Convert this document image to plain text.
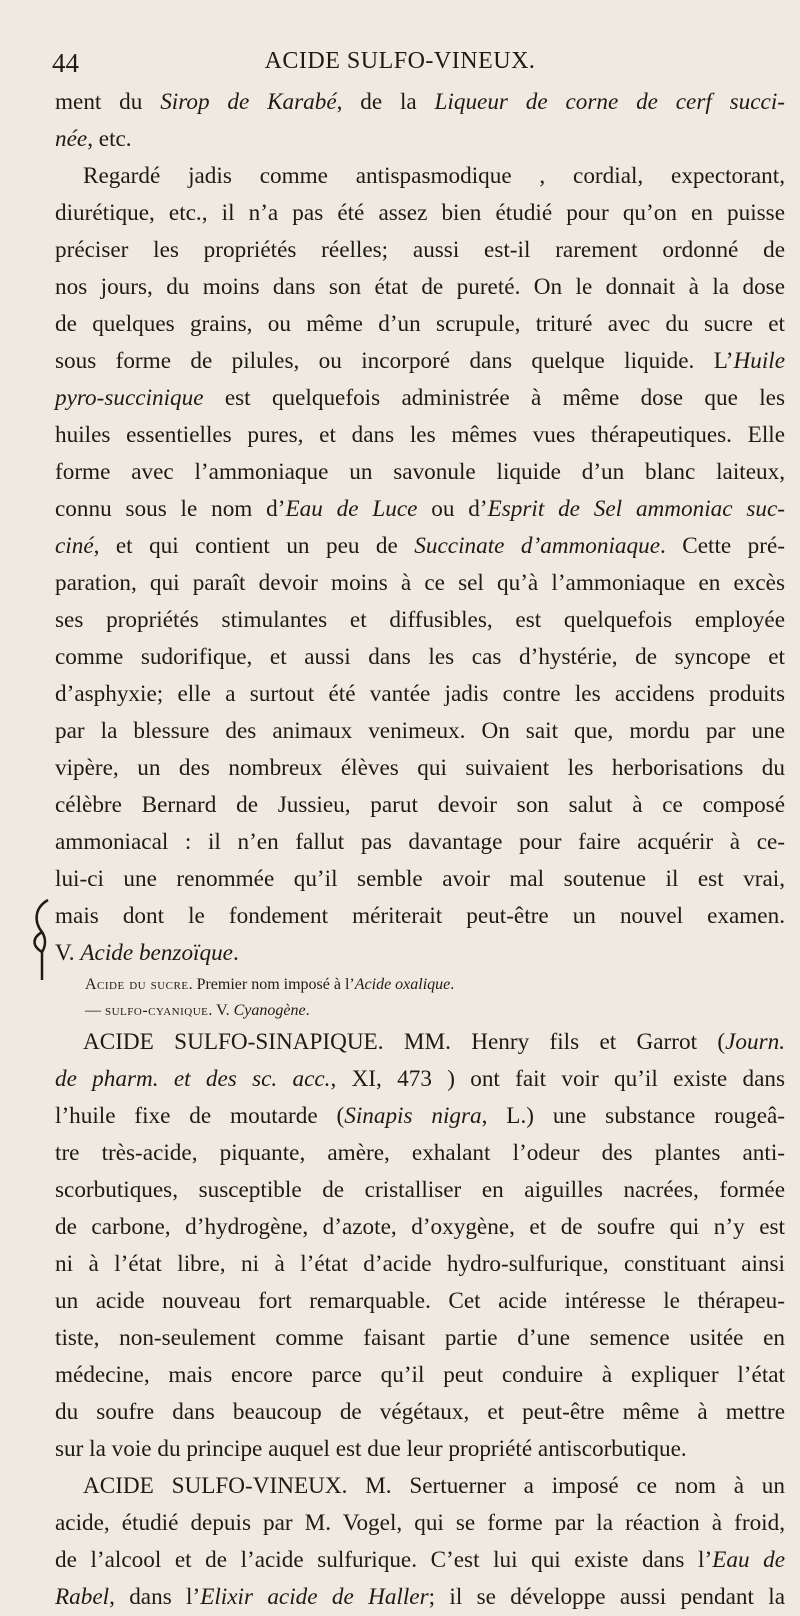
44	ACIDE SULFO-VINEUX.
ment du Sirop de Karabé, de la Liqueur de corne de cerf succi-
née, etc.
Regardé jadis comme antispasmodique , cordial, expectorant,
diurétique, etc., il n’a pas été assez bien étudié pour qu’on en puisse
préciser les propriétés réelles; aussi est-il rarement ordonné de
nos jours, du moins dans son état de pureté. On le donnait à la dose
de quelques grains, ou même d’un scrupule, trituré avec du sucre et
sous forme de pilules, ou incorporé dans quelque liquide. L’Huile
pyro-succinique est quelquefois administrée à même dose que les
huiles essentielles pures, et dans les mêmes vues thérapeutiques. Elle
forme avec l’ammoniaque un savonule liquide d’un blanc laiteux,
connu sous le nom d’Eau de Luce ou d’Esprit de Sel ammoniac suc-
ciné, et qui contient un peu de Succinate d’ammoniaque. Cette pré-
paration, qui paraît devoir moins à ce sel qu’à l’ammoniaque en excès
ses propriétés stimulantes et diffusibles, est quelquefois employée
comme sudorifique, et aussi dans les cas d’hystérie, de syncope et
d’asphyxie; elle a surtout été vantée jadis contre les accidens produits
par la blessure des animaux venimeux. On sait que, mordu par une
vipère, un des nombreux élèves qui suivaient les herborisations du
célèbre Bernard de Jussieu, parut devoir son salut à ce composé
ammoniacal : il n’en fallut pas davantage pour faire acquérir à ce-
lui-ci une renommée qu’il semble avoir mal soutenue il est vrai,
mais dont le fondement mériterait peut-être un nouvel examen.
V. Acide benzoïque.
Acide du sucre. Premier nom imposé à l’Acide oxalique.
— sulfo-cyanique. V. Cyanogène.
ACIDE SULFO-SINAPIQUE. MM. Henry fils et Garrot (Journ.
de pharm. et des sc. acc., XI, 473 ) ont fait voir qu’il existe dans
l’huile fixe de moutarde (Sinapis nigra, L.) une substance rougeâ-
tre très-acide, piquante, amère, exhalant l’odeur des plantes anti-
scorbutiques, susceptible de cristalliser en aiguilles nacrées, formée
de carbone, d’hydrogène, d’azote, d’oxygène, et de soufre qui n’y est
ni à l’état libre, ni à l’état d’acide hydro-sulfurique, constituant ainsi
un acide nouveau fort remarquable. Cet acide intéresse le thérapeu-
tiste, non-seulement comme faisant partie d’une semence usitée en
médecine, mais encore parce qu’il peut conduire à expliquer l’état
du soufre dans beaucoup de végétaux, et peut-être même à mettre
sur la voie du principe auquel est due leur propriété antiscorbutique.
ACIDE SULFO-VINEUX. M. Sertuerner a imposé ce nom à un
acide, étudié depuis par M. Vogel, qui se forme par la réaction à froid,
de l’alcool et de l’acide sulfurique. C’est lui qui existe dans l’Eau de
Rabel, dans l’Elixir acide de Haller; il se développe aussi pendant la
